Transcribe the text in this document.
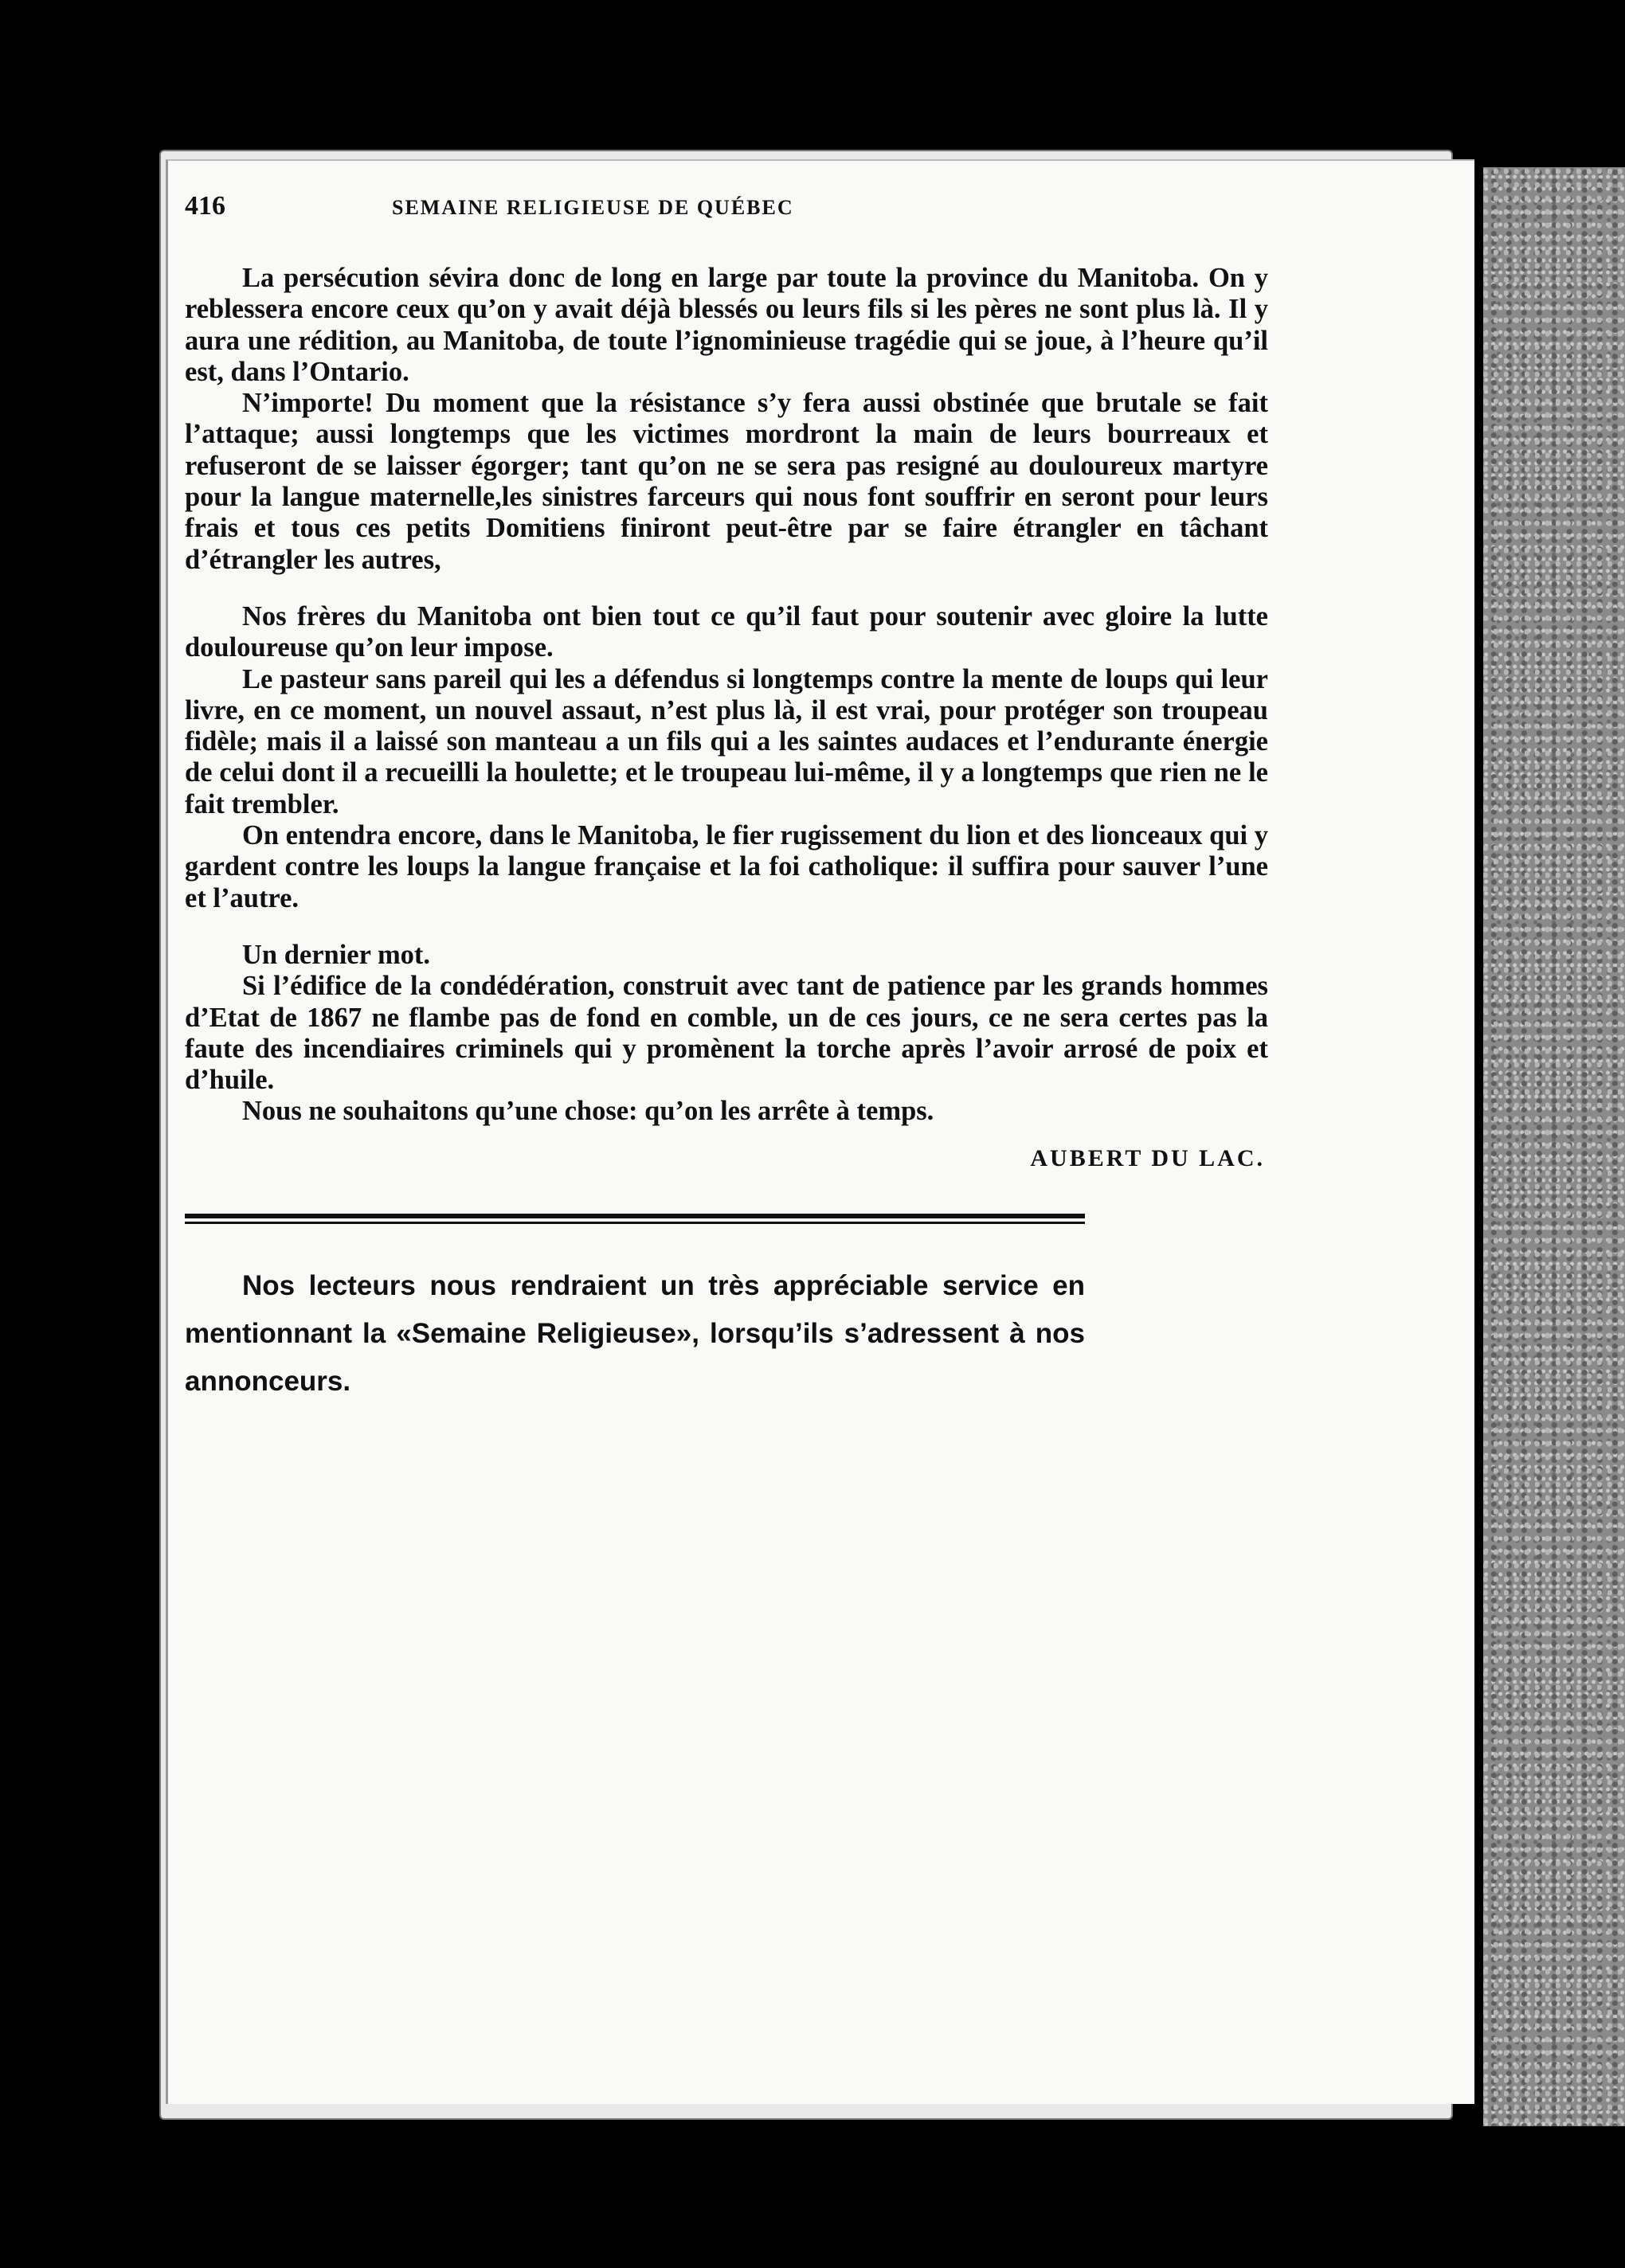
416	SEMAINE RELIGIEUSE DE QUÉBEC

La persécution sévira donc de long en large par toute la province du Manitoba. On y reblessera encore ceux qu’on y avait déjà blessés ou leurs fils si les pères ne sont plus là. Il y aura une rédition, au Manitoba, de toute l’ignominieuse tragédie qui se joue, à l’heure qu’il est, dans l’Ontario.

N’importe! Du moment que la résistance s’y fera aussi obstinée que brutale se fait l’attaque; aussi longtemps que les victimes mordront la main de leurs bourreaux et refuseront de se laisser égorger; tant qu’on ne se sera pas resigné au douloureux martyre pour la langue maternelle,les sinistres farceurs qui nous font souffrir en seront pour leurs frais et tous ces petits Domitiens finiront peut-être par se faire étrangler en tâchant d’étrangler les autres,

Nos frères du Manitoba ont bien tout ce qu’il faut pour soutenir avec gloire la lutte douloureuse qu’on leur impose.

Le pasteur sans pareil qui les a défendus si longtemps contre la mente de loups qui leur livre, en ce moment, un nouvel assaut, n’est plus là, il est vrai, pour protéger son troupeau fidèle; mais il a laissé son manteau a un fils qui a les saintes audaces et l’endurante énergie de celui dont il a recueilli la houlette; et le troupeau lui-même, il y a longtemps que rien ne le fait trembler.

On entendra encore, dans le Manitoba, le fier rugissement du lion et des lionceaux qui y gardent contre les loups la langue française et la foi catholique: il suffira pour sauver l’une et l’autre.

Un dernier mot.

Si l’édifice de la condédération, construit avec tant de patience par les grands hommes d’Etat de 1867 ne flambe pas de fond en comble, un de ces jours, ce ne sera certes pas la faute des incendiaires criminels qui y promènent la torche après l’avoir arrosé de poix et d’huile.

Nous ne souhaitons qu’une chose: qu’on les arrête à temps.

AUBERT DU LAC.
Nos lecteurs nous rendraient un très appréciable service en mentionnant la «Semaine Religieuse», lorsqu’ils s’adressent à nos annonceurs.
